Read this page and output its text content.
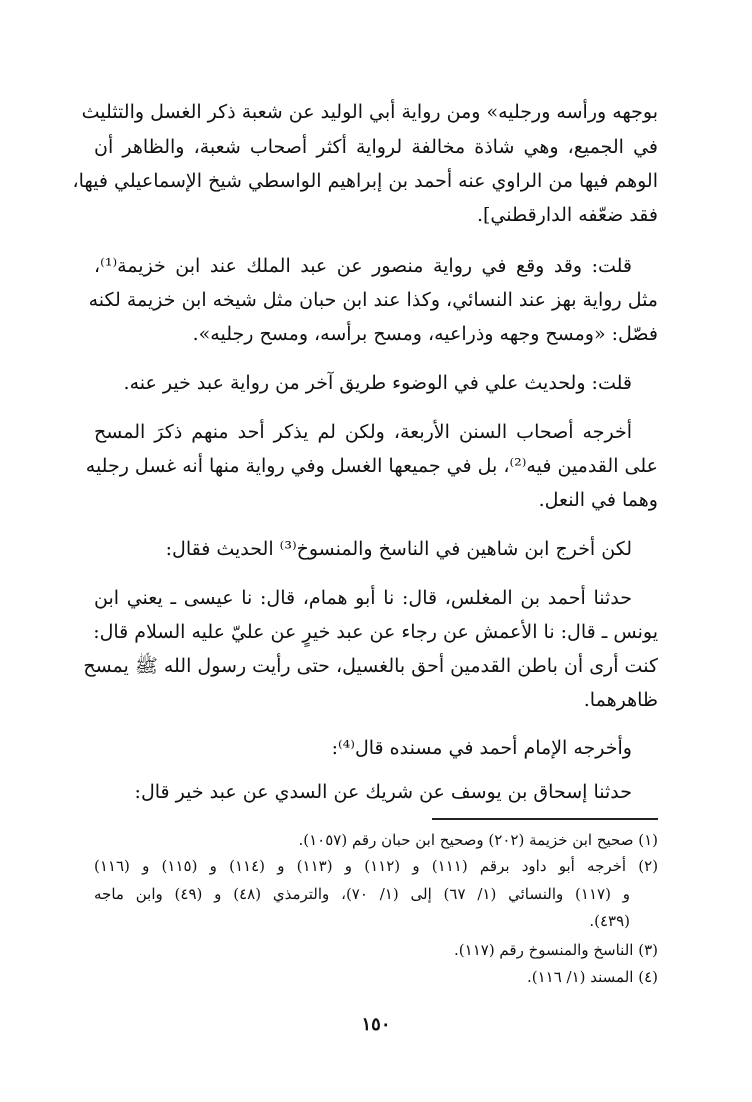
بوجهه ورأسه ورجليه» ومن رواية أبي الوليد عن شعبة ذكر الغسل والتثليث
في الجميع، وهي شاذة مخالفة لرواية أكثر أصحاب شعبة، والظاهر أن
الوهم فيها من الراوي عنه أحمد بن إبراهيم الواسطي شيخ الإسماعيلي فيها،
فقد ضعّفه الدارقطني].
قلت: وقد وقع في رواية منصور عن عبد الملك عند ابن خزيمة⁽¹⁾،
مثل رواية بهز عند النسائي، وكذا عند ابن حبان مثل شيخه ابن خزيمة لكنه
فصّل: «ومسح وجهه وذراعيه، ومسح برأسه، ومسح رجليه».
قلت: ولحديث علي في الوضوء طريق آخر من رواية عبد خير عنه.
أخرجه أصحاب السنن الأربعة، ولكن لم يذكر أحد منهم ذكرَ المسح
على القدمين فيه⁽²⁾، بل في جميعها الغسل وفي رواية منها أنه غسل رجليه
وهما في النعل.
لكن أخرج ابن شاهين في الناسخ والمنسوخ⁽³⁾ الحديث فقال:
حدثنا أحمد بن المغلس، قال: نا أبو همام، قال: نا عيسى ـ يعني ابن
يونس ـ قال: نا الأعمش عن رجاء عن عبد خيرٍ عن عليّ عليه السلام قال:
كنت أرى أن باطن القدمين أحق بالغسيل، حتى رأيت رسول الله ﷺ يمسح
ظاهرهما.
وأخرجه الإمام أحمد في مسنده قال⁽⁴⁾:
حدثنا إسحاق بن يوسف عن شريك عن السدي عن عبد خير قال:
(١) صحيح ابن خزيمة (٢٠٢) وصحيح ابن حبان رقم (١٠٥٧).
(٢) أخرجه أبو داود برقم (١١١) و (١١٢) و (١١٣) و (١١٤) و (١١٥) و (١١٦)
و (١١٧) والنسائي (١/ ٦٧) إلى (١/ ٧٠)، والترمذي (٤٨) و (٤٩) وابن ماجه
(٤٣٩).
(٣) الناسخ والمنسوخ رقم (١١٧).
(٤) المسند (١/ ١١٦).
١٥٠
